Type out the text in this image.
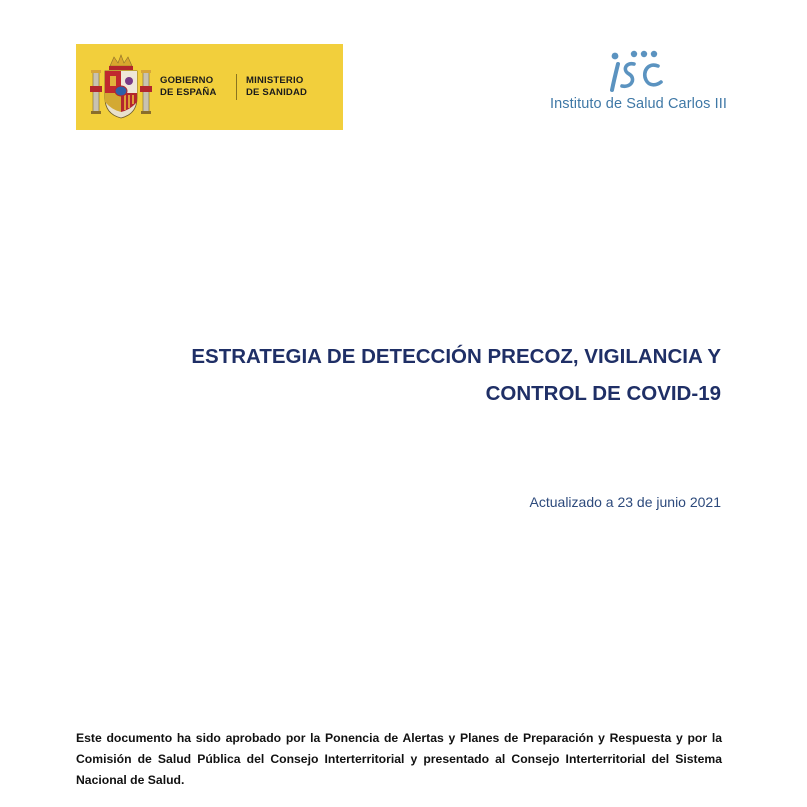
GOBIERNO
DE ESPAÑA
MINISTERIO
DE SANIDAD
Instituto de Salud Carlos III
ESTRATEGIA DE DETECCIÓN PRECOZ, VIGILANCIA Y
CONTROL DE COVID-19

Actualizado a 23 de junio 2021

Este documento ha sido aprobado por la Ponencia de Alertas y Planes de Preparación y Respuesta y por la Comisión de Salud Pública del Consejo Interterritorial y presentado al Consejo Interterritorial del Sistema Nacional de Salud.
